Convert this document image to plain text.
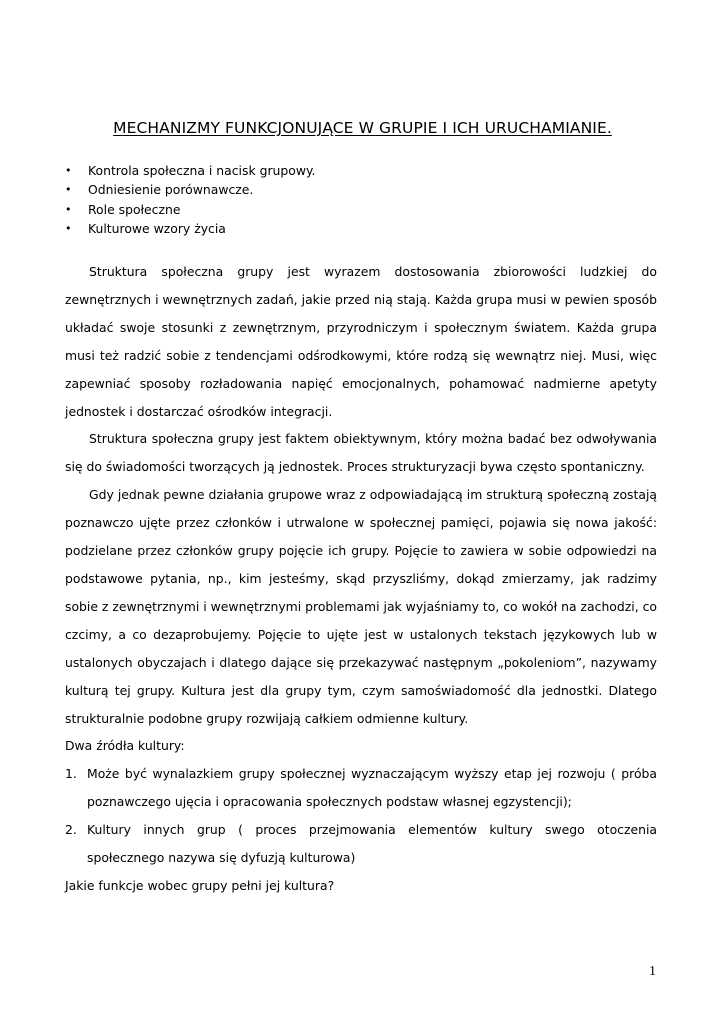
MECHANIZMY FUNKCJONUJĄCE W GRUPIE I ICH URUCHAMIANIE.
• Kontrola społeczna i nacisk grupowy.
• Odniesienie porównawcze.
• Role społeczne
• Kulturowe wzory życia

Struktura społeczna grupy jest wyrazem dostosowania zbiorowości ludzkiej do zewnętrznych i wewnętrznych zadań, jakie przed nią stają. Każda grupa musi w pewien sposób układać swoje stosunki z zewnętrznym, przyrodniczym i społecznym światem. Każda grupa musi też radzić sobie z tendencjami odśrodkowymi, które rodzą się wewnątrz niej. Musi, więc zapewniać sposoby rozładowania napięć emocjonalnych, pohamować nadmierne apetyty jednostek i dostarczać ośrodków integracji.

Struktura społeczna grupy jest faktem obiektywnym, który można badać bez odwoływania się do świadomości tworzących ją jednostek. Proces strukturyzacji bywa często spontaniczny.

Gdy jednak pewne działania grupowe wraz z odpowiadającą im strukturą społeczną zostają poznawczo ujęte przez członków i utrwalone w społecznej pamięci, pojawia się nowa jakość: podzielane przez członków grupy pojęcie ich grupy. Pojęcie to zawiera w sobie odpowiedzi na podstawowe pytania, np., kim jesteśmy, skąd przyszliśmy, dokąd zmierzamy, jak radzimy sobie z zewnętrznymi i wewnętrznymi problemami jak wyjaśniamy to, co wokół na zachodzi, co czcimy, a co dezaprobujemy. Pojęcie to ujęte jest w ustalonych tekstach językowych lub w ustalonych obyczajach i dlatego dające się przekazywać następnym „pokoleniom”, nazywamy kulturą tej grupy. Kultura jest dla grupy tym, czym samoświadomość dla jednostki. Dlatego strukturalnie podobne grupy rozwijają całkiem odmienne kultury.

Dwa źródła kultury:

1. Może być wynalazkiem grupy społecznej wyznaczającym wyższy etap jej rozwoju ( próba poznawczego ujęcia i opracowania społecznych podstaw własnej egzystencji);
2. Kultury innych grup ( proces przejmowania elementów kultury swego otoczenia społecznego nazywa się dyfuzją kulturowa)

Jakie funkcje wobec grupy pełni jej kultura?

1
